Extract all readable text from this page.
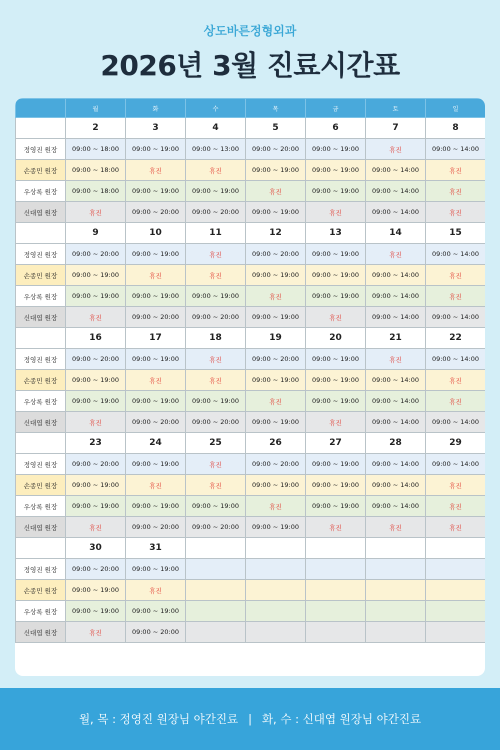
상도바른정형외과
2026년 3월 진료시간표
	월	화	수	목	금	토	일
	2	3	4	5	6	7	8
정영진 원장	09:00 ~ 18:00	09:00 ~ 19:00	09:00 ~ 13:00	09:00 ~ 20:00	09:00 ~ 19:00	휴진	09:00 ~ 14:00
손종민 원장	09:00 ~ 18:00	휴진	휴진	09:00 ~ 19:00	09:00 ~ 19:00	09:00 ~ 14:00	휴진
우상록 원장	09:00 ~ 18:00	09:00 ~ 19:00	09:00 ~ 19:00	휴진	09:00 ~ 19:00	09:00 ~ 14:00	휴진
신대엽 원장	휴진	09:00 ~ 20:00	09:00 ~ 20:00	09:00 ~ 19:00	휴진	09:00 ~ 14:00	휴진
	9	10	11	12	13	14	15
정영진 원장	09:00 ~ 20:00	09:00 ~ 19:00	휴진	09:00 ~ 20:00	09:00 ~ 19:00	휴진	09:00 ~ 14:00
손종민 원장	09:00 ~ 19:00	휴진	휴진	09:00 ~ 19:00	09:00 ~ 19:00	09:00 ~ 14:00	휴진
우상록 원장	09:00 ~ 19:00	09:00 ~ 19:00	09:00 ~ 19:00	휴진	09:00 ~ 19:00	09:00 ~ 14:00	휴진
신대엽 원장	휴진	09:00 ~ 20:00	09:00 ~ 20:00	09:00 ~ 19:00	휴진	09:00 ~ 14:00	09:00 ~ 14:00
	16	17	18	19	20	21	22
정영진 원장	09:00 ~ 20:00	09:00 ~ 19:00	휴진	09:00 ~ 20:00	09:00 ~ 19:00	휴진	09:00 ~ 14:00
손종민 원장	09:00 ~ 19:00	휴진	휴진	09:00 ~ 19:00	09:00 ~ 19:00	09:00 ~ 14:00	휴진
우상록 원장	09:00 ~ 19:00	09:00 ~ 19:00	09:00 ~ 19:00	휴진	09:00 ~ 19:00	09:00 ~ 14:00	휴진
신대엽 원장	휴진	09:00 ~ 20:00	09:00 ~ 20:00	09:00 ~ 19:00	휴진	09:00 ~ 14:00	09:00 ~ 14:00
	23	24	25	26	27	28	29
정영진 원장	09:00 ~ 20:00	09:00 ~ 19:00	휴진	09:00 ~ 20:00	09:00 ~ 19:00	09:00 ~ 14:00	09:00 ~ 14:00
손종민 원장	09:00 ~ 19:00	휴진	휴진	09:00 ~ 19:00	09:00 ~ 19:00	09:00 ~ 14:00	휴진
우상록 원장	09:00 ~ 19:00	09:00 ~ 19:00	09:00 ~ 19:00	휴진	09:00 ~ 19:00	09:00 ~ 14:00	휴진
신대엽 원장	휴진	09:00 ~ 20:00	09:00 ~ 20:00	09:00 ~ 19:00	휴진	휴진	휴진
	30	31					
정영진 원장	09:00 ~ 20:00	09:00 ~ 19:00					
손종민 원장	09:00 ~ 19:00	휴진					
우상록 원장	09:00 ~ 19:00	09:00 ~ 19:00					
신대엽 원장	휴진	09:00 ~ 20:00					
월, 목 : 정영진 원장님 야간진료 | 화, 수 : 신대엽 원장님 야간진료
